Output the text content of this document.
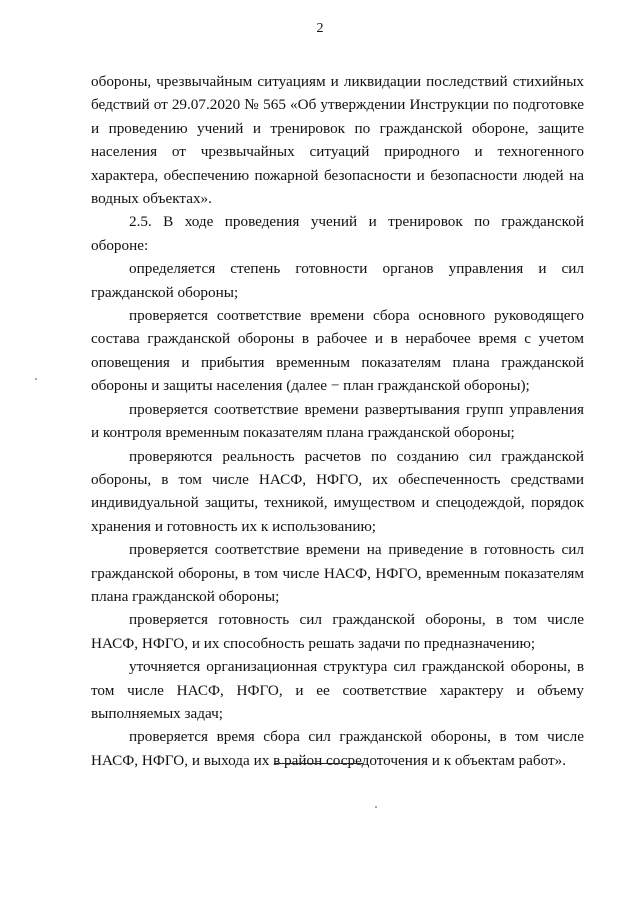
2

обороны, чрезвычайным ситуациям и ликвидации последствий стихийных бедствий от 29.07.2020 № 565 «Об утверждении Инструкции по подготовке и проведению учений и тренировок по гражданской обороне, защите населения от чрезвычайных ситуаций природного и техногенного характера, обеспечению пожарной безопасности и безопасности людей на водных объектах».

2.5. В ходе проведения учений и тренировок по гражданской обороне:

определяется степень готовности органов управления и сил гражданской обороны;

проверяется соответствие времени сбора основного руководящего состава гражданской обороны в рабочее и в нерабочее время с учетом оповещения и прибытия временным показателям плана гражданской обороны и защиты населения (далее − план гражданской обороны);

проверяется соответствие времени развертывания групп управления и контроля временным показателям плана гражданской обороны;

проверяются реальность расчетов по созданию сил гражданской обороны, в том числе НАСФ, НФГО, их обеспеченность средствами индивидуальной защиты, техникой, имуществом и спецодеждой, порядок хранения и готовность их к использованию;

проверяется соответствие времени на приведение в готовность сил гражданской обороны, в том числе НАСФ, НФГО, временным показателям плана гражданской обороны;

проверяется готовность сил гражданской обороны, в том числе НАСФ, НФГО, и их способность решать задачи по предназначению;

уточняется организационная структура сил гражданской обороны, в том числе НАСФ, НФГО, и ее соответствие характеру и объему выполняемых задач;

проверяется время сбора сил гражданской обороны, в том числе НАСФ, НФГО, и выхода их в район сосредоточения и к объектам работ».
